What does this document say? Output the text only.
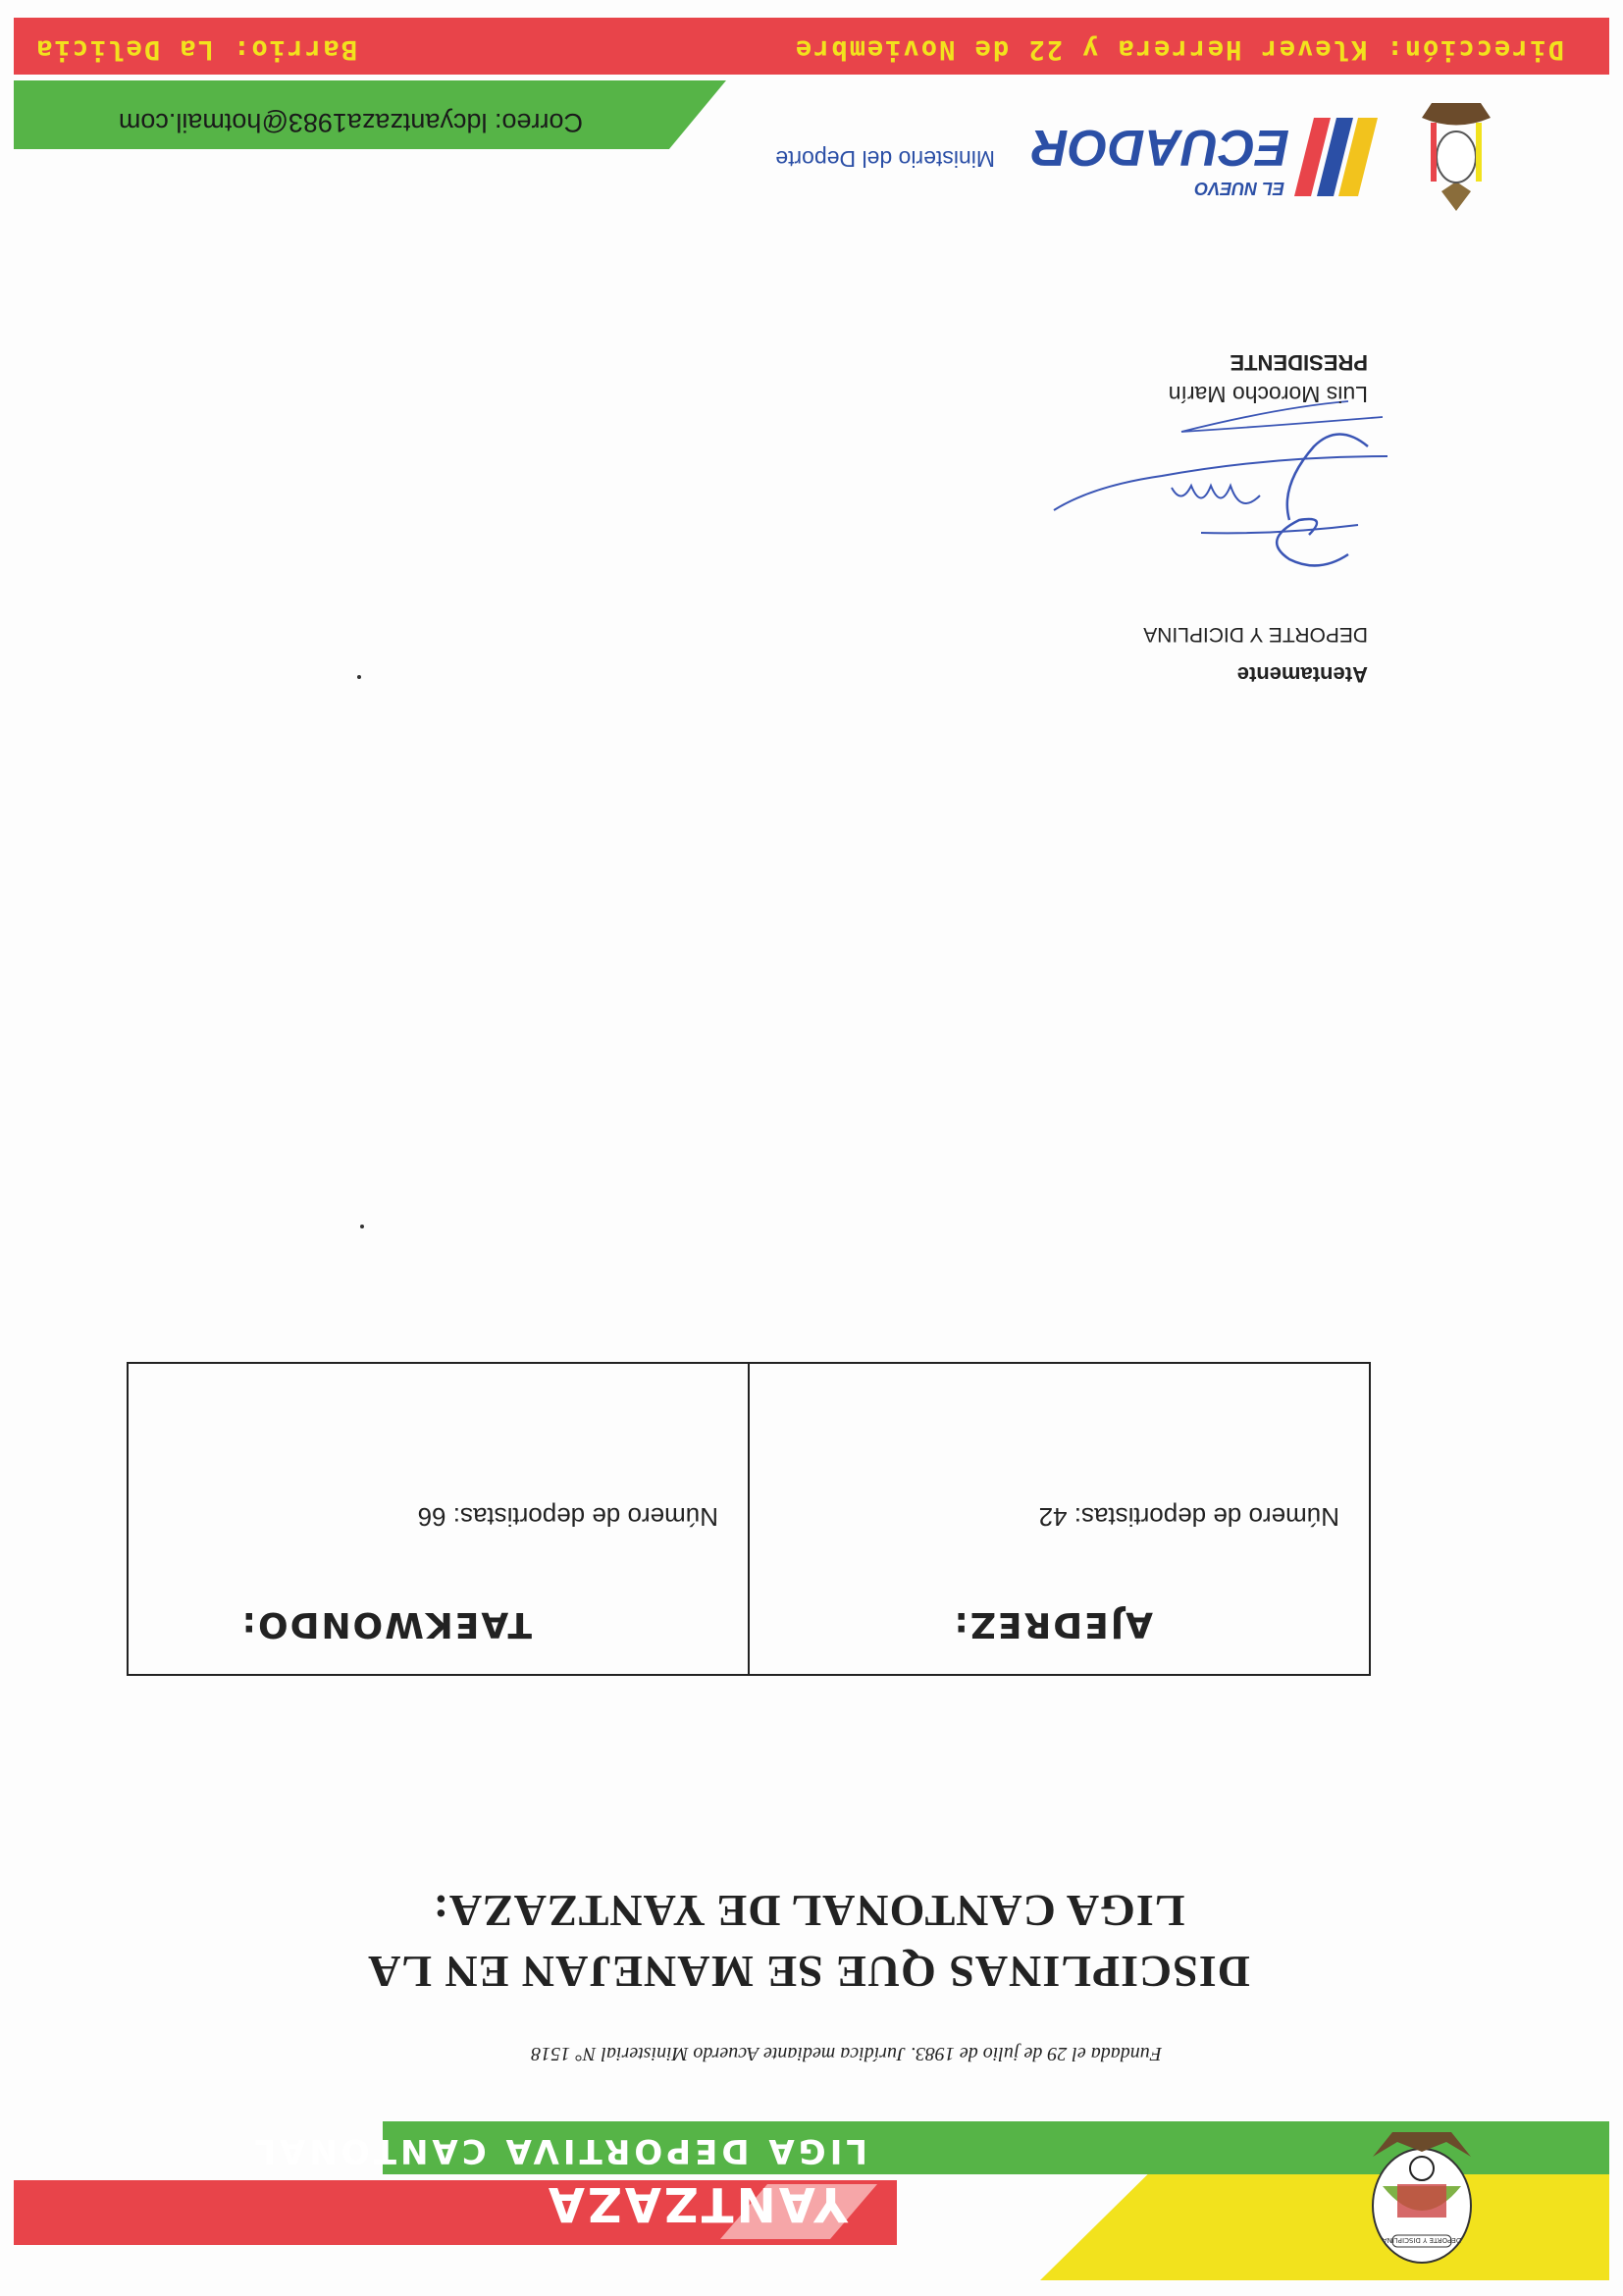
YANTZAZA
LIGA DEPORTIVA CANTONAL
DEPORTE Y DISCIPLINA
Fundada el 29 de julio de 1983. Jurídica mediante Acuerdo Ministerial N° 1518
DISCIPLINAS QUE SE MANEJAN EN LA
LIGA CANTONAL DE YANTZAZA:
AJEDREZ:
Número de deportistas: 42
TAEKWONDO:
Número de deportistas: 66
Atentamente
DEPORTE Y DICIPLINA
Luis Morocho Marín
PRESIDENTE
EL NUEVO
ECUADOR
Ministerio del Deporte
Correo: ldcyantzaza1983@hotmail.com
Dirección: Klever Herrera y 22 de Noviembre
Barrio: La Delicia
